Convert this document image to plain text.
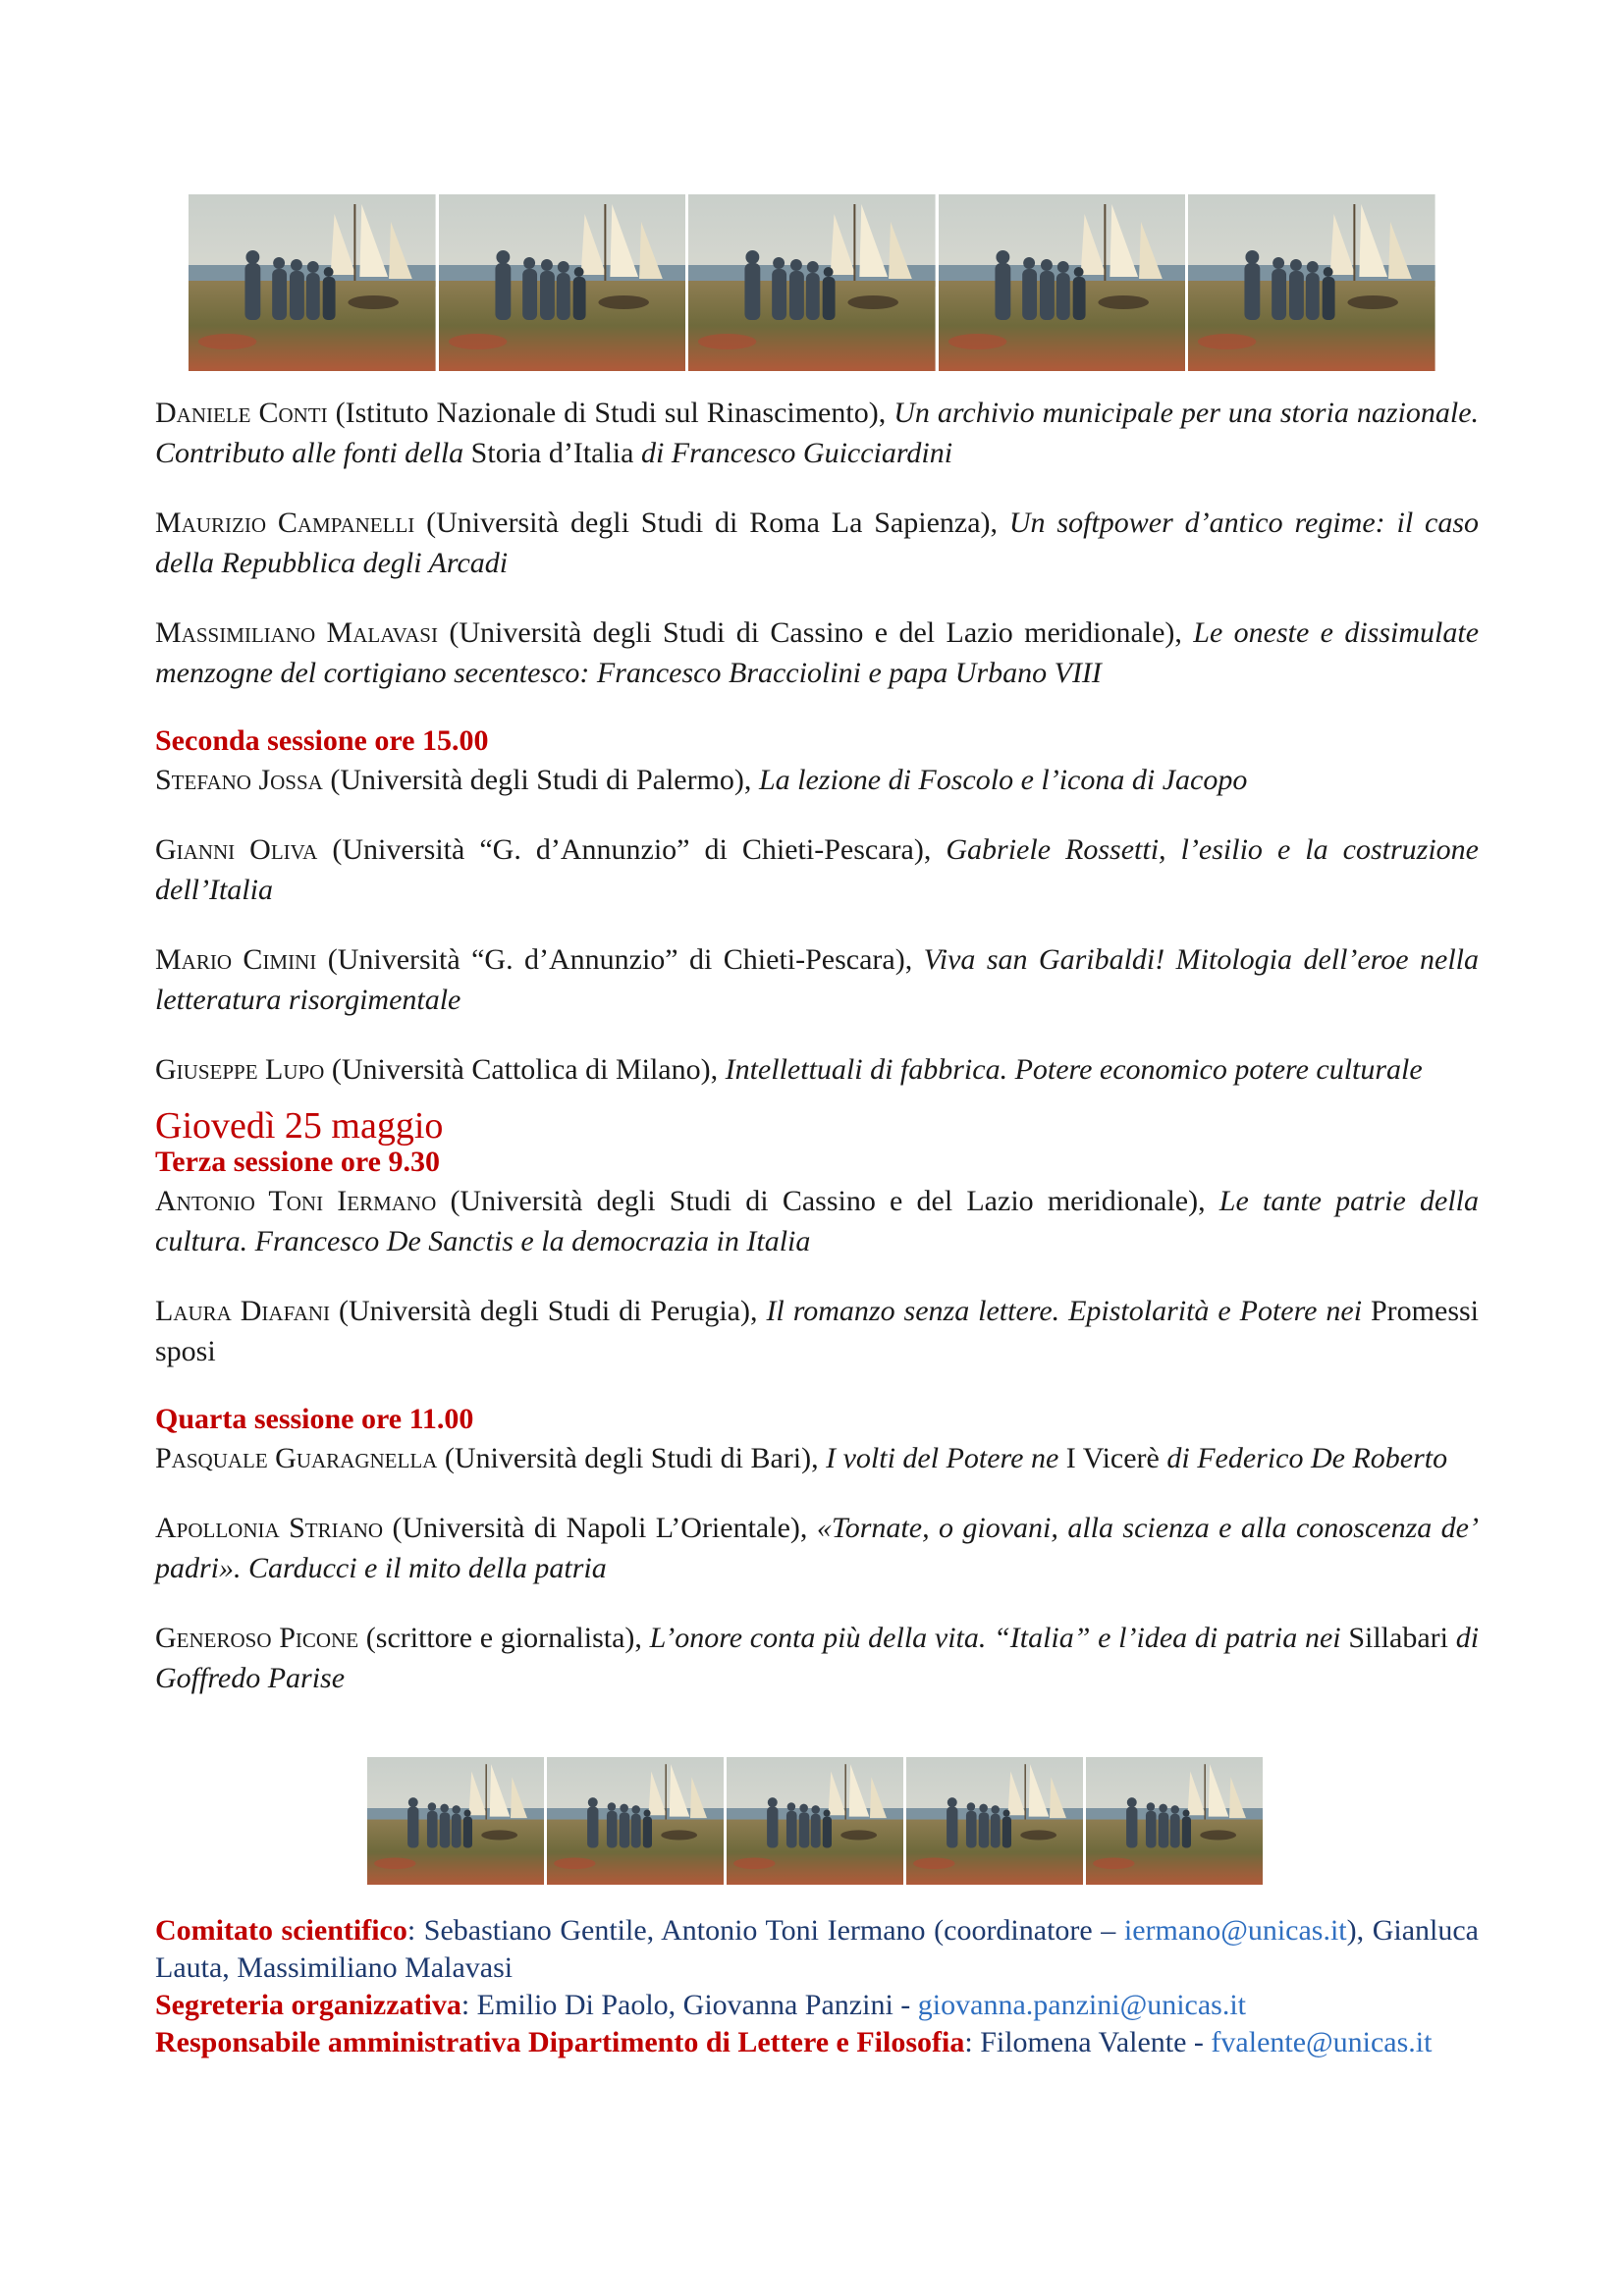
Daniele Conti (Istituto Nazionale di Studi sul Rinascimento), Un archivio municipale per una storia nazionale. Contributo alle fonti della Storia d’Italia di Francesco Guicciardini

Maurizio Campanelli (Università degli Studi di Roma La Sapienza), Un softpower d’antico regime: il caso della Repubblica degli Arcadi

Massimiliano Malavasi (Università degli Studi di Cassino e del Lazio meridionale), Le oneste e dissimulate menzogne del cortigiano secentesco: Francesco Bracciolini e papa Urbano VIII

Seconda sessione ore 15.00

Stefano Jossa (Università degli Studi di Palermo), La lezione di Foscolo e l’icona di Jacopo

Gianni Oliva (Università “G. d’Annunzio” di Chieti-Pescara), Gabriele Rossetti, l’esilio e la costruzione dell’Italia

Mario Cimini (Università “G. d’Annunzio” di Chieti-Pescara), Viva san Garibaldi! Mitologia dell’eroe nella letteratura risorgimentale

Giuseppe Lupo (Università Cattolica di Milano), Intellettuali di fabbrica. Potere economico potere culturale

Giovedì 25 maggio

Terza sessione ore 9.30

Antonio Toni Iermano (Università degli Studi di Cassino e del Lazio meridionale), Le tante patrie della cultura. Francesco De Sanctis e la democrazia in Italia

Laura Diafani (Università degli Studi di Perugia), Il romanzo senza lettere. Epistolarità e Potere nei Promessi sposi

Quarta sessione ore 11.00

Pasquale Guaragnella (Università degli Studi di Bari), I volti del Potere ne I Vicerè di Federico De Roberto

Apollonia Striano (Università di Napoli L’Orientale), «Tornate, o giovani, alla scienza e alla conoscenza de’ padri». Carducci e il mito della patria

Generoso Picone (scrittore e giornalista), L’onore conta più della vita. “Italia” e l’idea di patria nei Sillabari di Goffredo Parise

Comitato scientifico: Sebastiano Gentile, Antonio Toni Iermano (coordinatore – iermano@unicas.it), Gianluca Lauta, Massimiliano Malavasi

Segreteria organizzativa: Emilio Di Paolo, Giovanna Panzini - giovanna.panzini@unicas.it

Responsabile amministrativa Dipartimento di Lettere e Filosofia: Filomena Valente - fvalente@unicas.it
